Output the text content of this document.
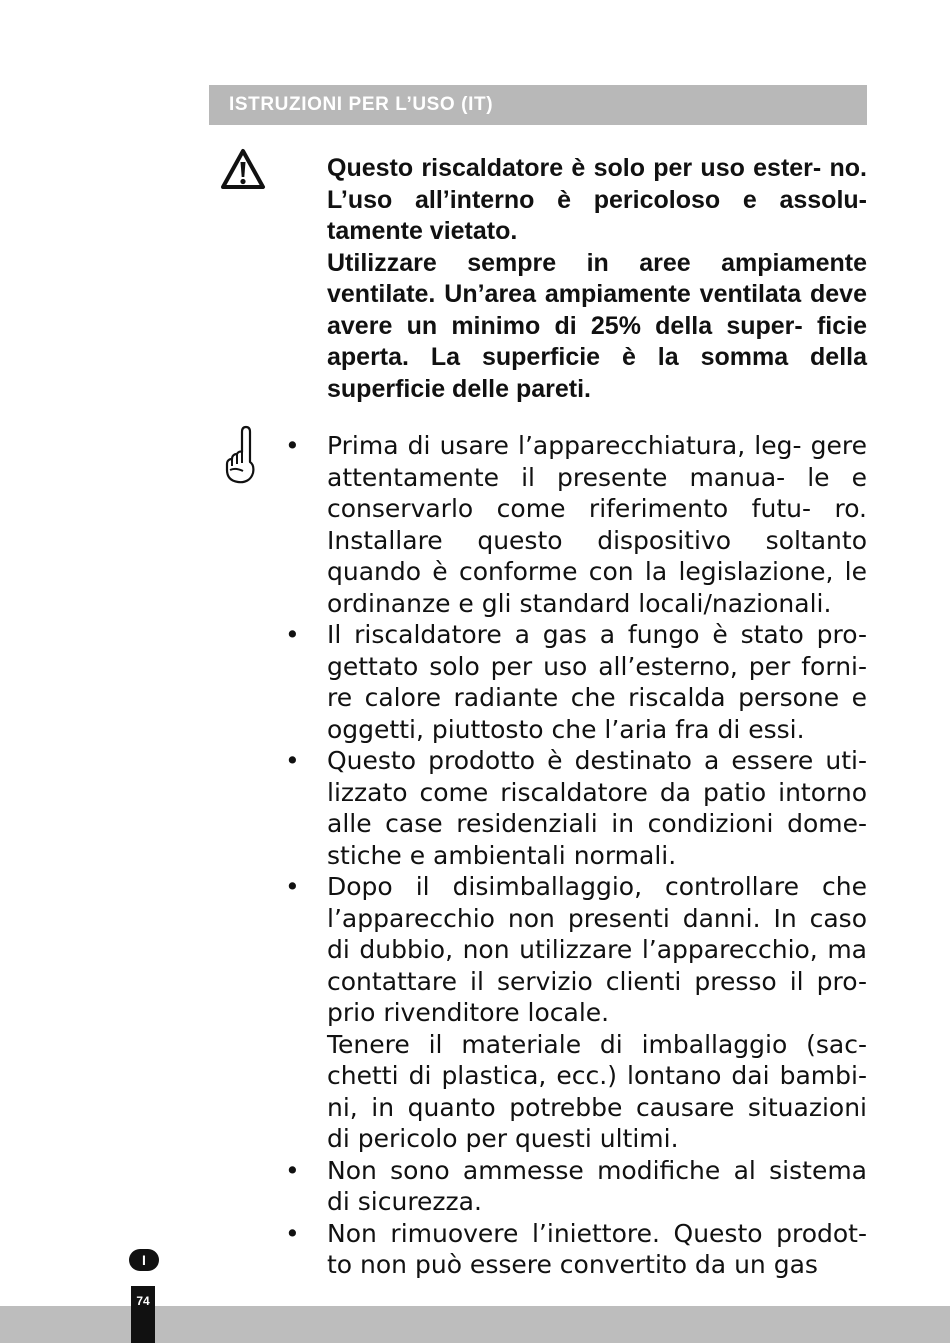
ISTRUZIONI PER L’USO (IT)

Questo riscaldatore è solo per uso ester- no. L’uso all’interno è pericoloso e assolu- tamente vietato.

Utilizzare sempre in aree ampiamente ventilate. Un’area ampiamente ventilata deve avere un minimo di 25% della super- ficie aperta. La superficie è la somma della superficie delle pareti.

• Prima di usare l’apparecchiatura, leg- gere attentamente il presente manua- le e conservarlo come riferimento futu- ro. Installare questo dispositivo soltanto quando è conforme con la legislazione, le ordinanze e gli standard locali/nazionali.

• Il riscaldatore a gas a fungo è stato pro- gettato solo per uso all’esterno, per forni- re calore radiante che riscalda persone e oggetti, piuttosto che l’aria fra di essi.

• Questo prodotto è destinato a essere uti- lizzato come riscaldatore da patio intorno alle case residenziali in condizioni dome- stiche e ambientali normali.

• Dopo il disimballaggio, controllare che l’apparecchio non presenti danni. In caso di dubbio, non utilizzare l’apparecchio, ma contattare il servizio clienti presso il pro- prio rivenditore locale.

Tenere il materiale di imballaggio (sac- chetti di plastica, ecc.) lontano dai bambi- ni, in quanto potrebbe causare situazioni di pericolo per questi ultimi.

• Non sono ammesse modifiche al sistema di sicurezza.

• Non rimuovere l’iniettore. Questo prodot- to non può essere convertito da un gas

I
74
